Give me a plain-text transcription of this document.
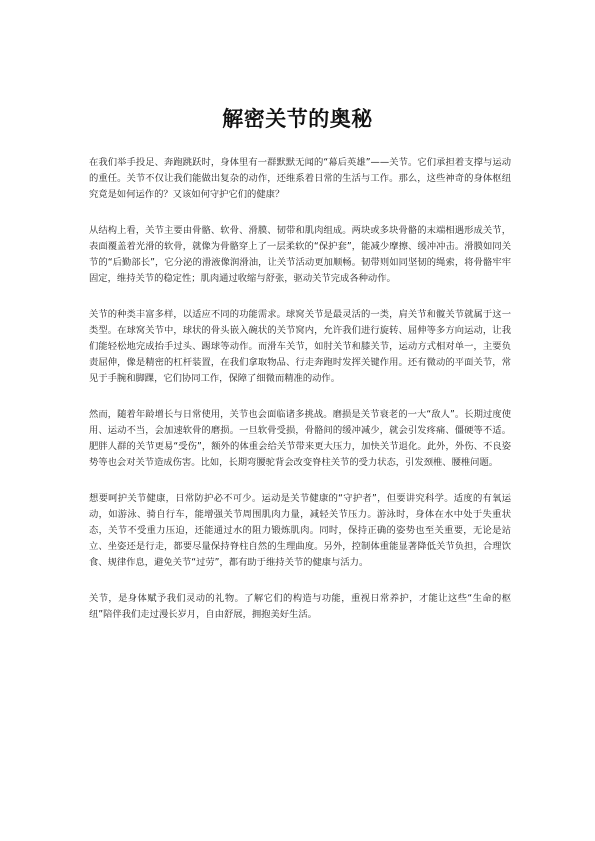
解密关节的奥秘

在我们举手投足、奔跑跳跃时，身体里有一群默默无闻的“幕后英雄”——关节。它们承担着支撑与运动的重任。关节不仅让我们能做出复杂的动作，还维系着日常的生活与工作。那么，这些神奇的身体枢纽究竟是如何运作的？又该如何守护它们的健康？

从结构上看，关节主要由骨骼、软骨、滑膜、韧带和肌肉组成。两块或多块骨骼的末端相遇形成关节，表面覆盖着光滑的软骨，就像为骨骼穿上了一层柔软的“保护套”，能减少摩擦、缓冲冲击。滑膜如同关节的“后勤部长”，它分泌的滑液像润滑油，让关节活动更加顺畅。韧带则如同坚韧的绳索，将骨骼牢牢固定，维持关节的稳定性；肌肉通过收缩与舒张，驱动关节完成各种动作。

关节的种类丰富多样，以适应不同的功能需求。球窝关节是最灵活的一类，肩关节和髋关节就属于这一类型。在球窝关节中，球状的骨头嵌入碗状的关节窝内，允许我们进行旋转、屈伸等多方向运动，让我们能轻松地完成抬手过头、踢球等动作。而滑车关节，如肘关节和膝关节，运动方式相对单一，主要负责屈伸，像是精密的杠杆装置，在我们拿取物品、行走奔跑时发挥关键作用。还有微动的平面关节，常见于手腕和脚踝，它们协同工作，保障了细微而精准的动作。

然而，随着年龄增长与日常使用，关节也会面临诸多挑战。磨损是关节衰老的一大“敌人”。长期过度使用、运动不当，会加速软骨的磨损。一旦软骨受损，骨骼间的缓冲减少，就会引发疼痛、僵硬等不适。肥胖人群的关节更易“受伤”，额外的体重会给关节带来更大压力，加快关节退化。此外，外伤、不良姿势等也会对关节造成伤害。比如，长期弯腰驼背会改变脊柱关节的受力状态，引发颈椎、腰椎问题。

想要呵护关节健康，日常防护必不可少。运动是关节健康的“守护者”，但要讲究科学。适度的有氧运动，如游泳、骑自行车，能增强关节周围肌肉力量，减轻关节压力。游泳时，身体在水中处于失重状态，关节不受重力压迫，还能通过水的阻力锻炼肌肉。同时，保持正确的姿势也至关重要，无论是站立、坐姿还是行走，都要尽量保持脊柱自然的生理曲度。另外，控制体重能显著降低关节负担，合理饮食、规律作息，避免关节“过劳”，都有助于维持关节的健康与活力。

关节，是身体赋予我们灵动的礼物。了解它们的构造与功能，重视日常养护，才能让这些“生命的枢纽”陪伴我们走过漫长岁月，自由舒展，拥抱美好生活。
